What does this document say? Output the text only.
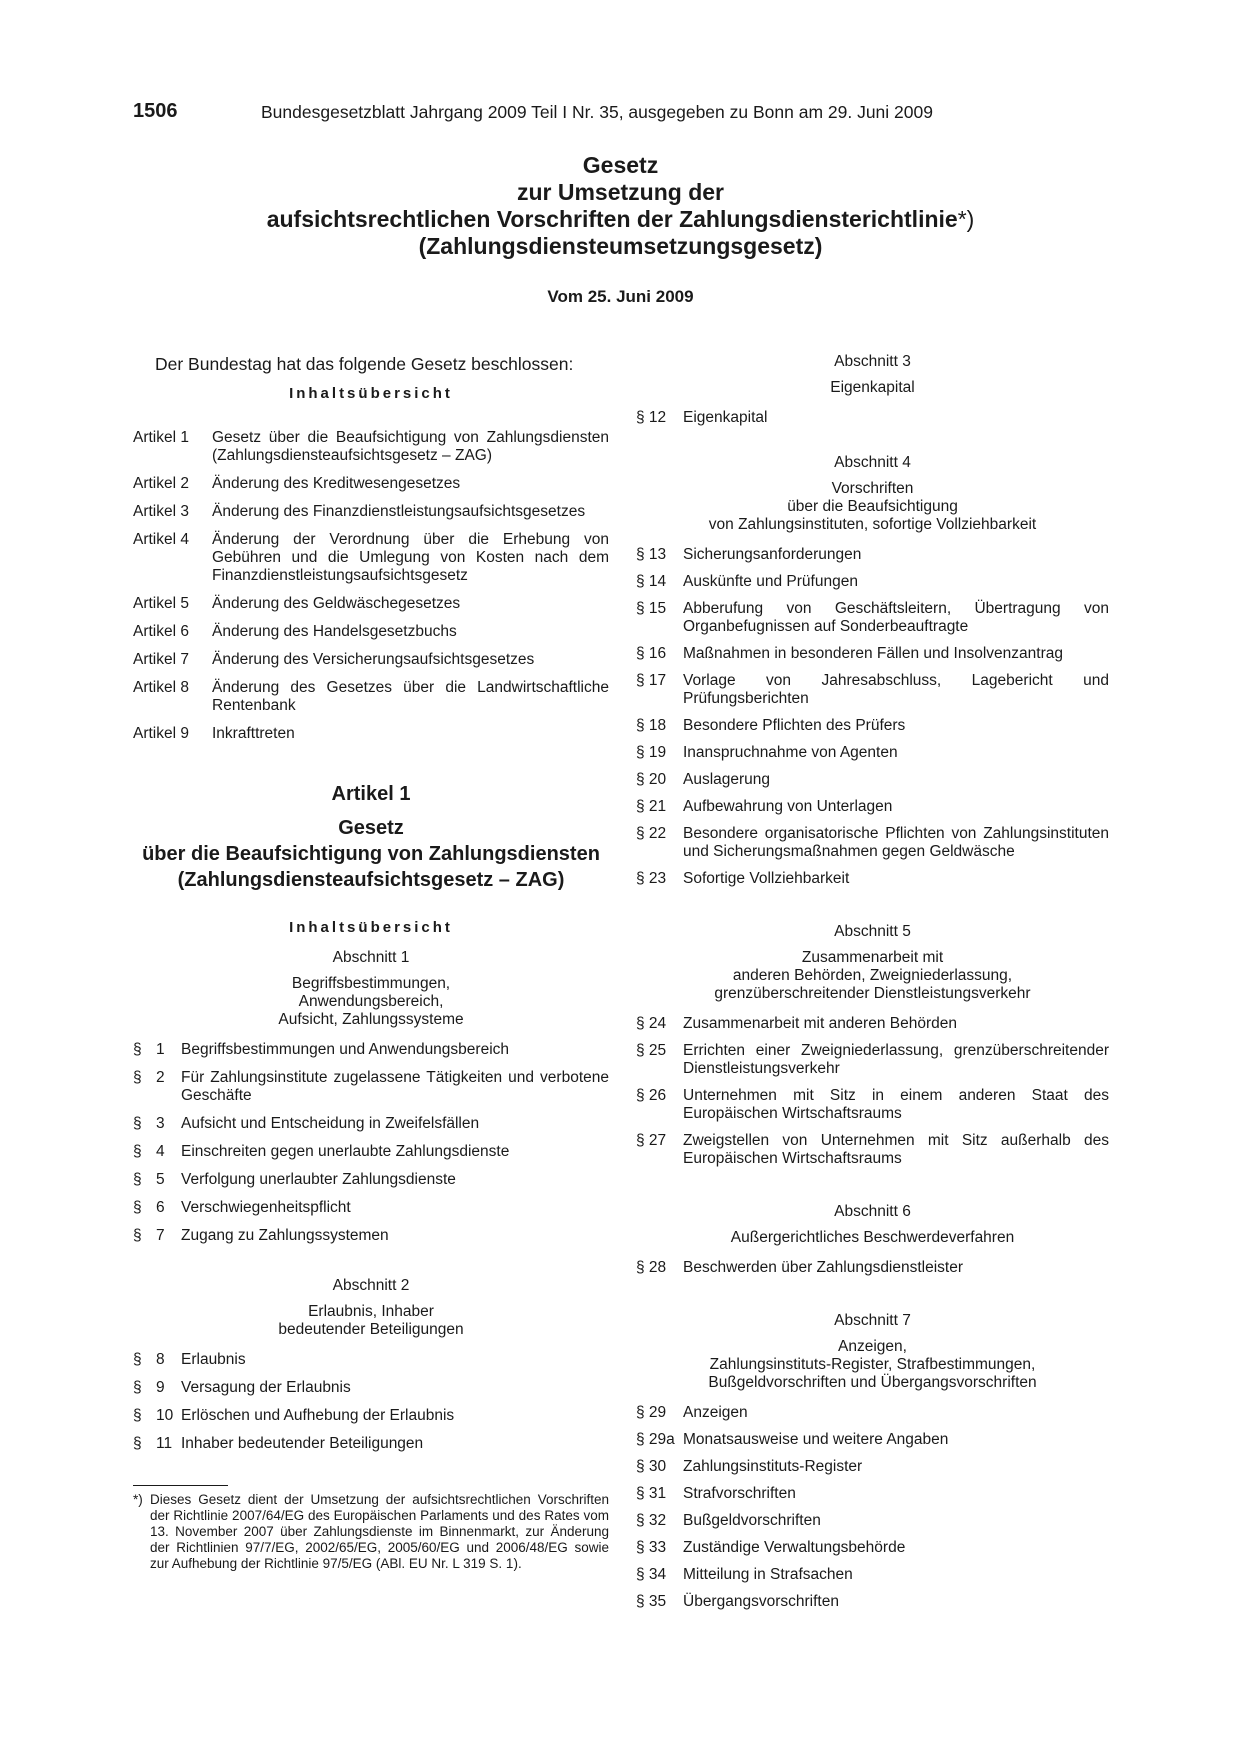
1506	Bundesgesetzblatt Jahrgang 2009 Teil I Nr. 35, ausgegeben zu Bonn am 29. Juni 2009
Gesetz
zur Umsetzung der
aufsichtsrechtlichen Vorschriften der Zahlungsdiensterichtlinie*)
(Zahlungsdiensteumsetzungsgesetz)
Vom 25. Juni 2009

Der Bundestag hat das folgende Gesetz beschlossen:

Inhaltsübersicht
Artikel 1	Gesetz über die Beaufsichtigung von Zahlungsdiensten (Zahlungsdiensteaufsichtsgesetz – ZAG)
Artikel 2	Änderung des Kreditwesengesetzes
Artikel 3	Änderung des Finanzdienstleistungsaufsichtsgesetzes
Artikel 4	Änderung der Verordnung über die Erhebung von Gebühren und die Umlegung von Kosten nach dem Finanzdienstleistungsaufsichtsgesetz
Artikel 5	Änderung des Geldwäschegesetzes
Artikel 6	Änderung des Handelsgesetzbuchs
Artikel 7	Änderung des Versicherungsaufsichtsgesetzes
Artikel 8	Änderung des Gesetzes über die Landwirtschaftliche Rentenbank
Artikel 9	Inkrafttreten
Artikel 1
Gesetz
über die Beaufsichtigung von Zahlungsdiensten
(Zahlungsdiensteaufsichtsgesetz – ZAG)
Inhaltsübersicht
Abschnitt 1
Begriffsbestimmungen,
Anwendungsbereich,
Aufsicht, Zahlungssysteme
§ 1	Begriffsbestimmungen und Anwendungsbereich
§ 2	Für Zahlungsinstitute zugelassene Tätigkeiten und verbotene Geschäfte
§ 3	Aufsicht und Entscheidung in Zweifelsfällen
§ 4	Einschreiten gegen unerlaubte Zahlungsdienste
§ 5	Verfolgung unerlaubter Zahlungsdienste
§ 6	Verschwiegenheitspflicht
§ 7	Zugang zu Zahlungssystemen
Abschnitt 2
Erlaubnis, Inhaber
bedeutender Beteiligungen
§ 8	Erlaubnis
§ 9	Versagung der Erlaubnis
§ 10 Erlöschen und Aufhebung der Erlaubnis
§ 11 Inhaber bedeutender Beteiligungen
*) Dieses Gesetz dient der Umsetzung der aufsichtsrechtlichen Vorschriften der Richtlinie 2007/64/EG des Europäischen Parlaments und des Rates vom 13. November 2007 über Zahlungsdienste im Binnenmarkt, zur Änderung der Richtlinien 97/7/EG, 2002/65/EG, 2005/60/EG und 2006/48/EG sowie zur Aufhebung der Richtlinie 97/5/EG (ABl. EU Nr. L 319 S. 1).
Abschnitt 3
Eigenkapital
§ 12	Eigenkapital
Abschnitt 4
Vorschriften
über die Beaufsichtigung
von Zahlungsinstituten, sofortige Vollziehbarkeit
§ 13	Sicherungsanforderungen
§ 14	Auskünfte und Prüfungen
§ 15	Abberufung von Geschäftsleitern, Übertragung von Organbefugnissen auf Sonderbeauftragte
§ 16	Maßnahmen in besonderen Fällen und Insolvenzantrag
§ 17	Vorlage von Jahresabschluss, Lagebericht und Prüfungsberichten
§ 18	Besondere Pflichten des Prüfers
§ 19	Inanspruchnahme von Agenten
§ 20	Auslagerung
§ 21	Aufbewahrung von Unterlagen
§ 22	Besondere organisatorische Pflichten von Zahlungsinstituten und Sicherungsmaßnahmen gegen Geldwäsche
§ 23	Sofortige Vollziehbarkeit
Abschnitt 5
Zusammenarbeit mit
anderen Behörden, Zweigniederlassung,
grenzüberschreitender Dienstleistungsverkehr
§ 24	Zusammenarbeit mit anderen Behörden
§ 25	Errichten einer Zweigniederlassung, grenzüberschreitender Dienstleistungsverkehr
§ 26	Unternehmen mit Sitz in einem anderen Staat des Europäischen Wirtschaftsraums
§ 27	Zweigstellen von Unternehmen mit Sitz außerhalb des Europäischen Wirtschaftsraums
Abschnitt 6
Außergerichtliches Beschwerdeverfahren
§ 28	Beschwerden über Zahlungsdienstleister
Abschnitt 7
Anzeigen,
Zahlungsinstituts-Register, Strafbestimmungen,
Bußgeldvorschriften und Übergangsvorschriften
§ 29	Anzeigen
§ 29a Monatsausweise und weitere Angaben
§ 30	Zahlungsinstituts-Register
§ 31	Strafvorschriften
§ 32	Bußgeldvorschriften
§ 33	Zuständige Verwaltungsbehörde
§ 34	Mitteilung in Strafsachen
§ 35	Übergangsvorschriften
